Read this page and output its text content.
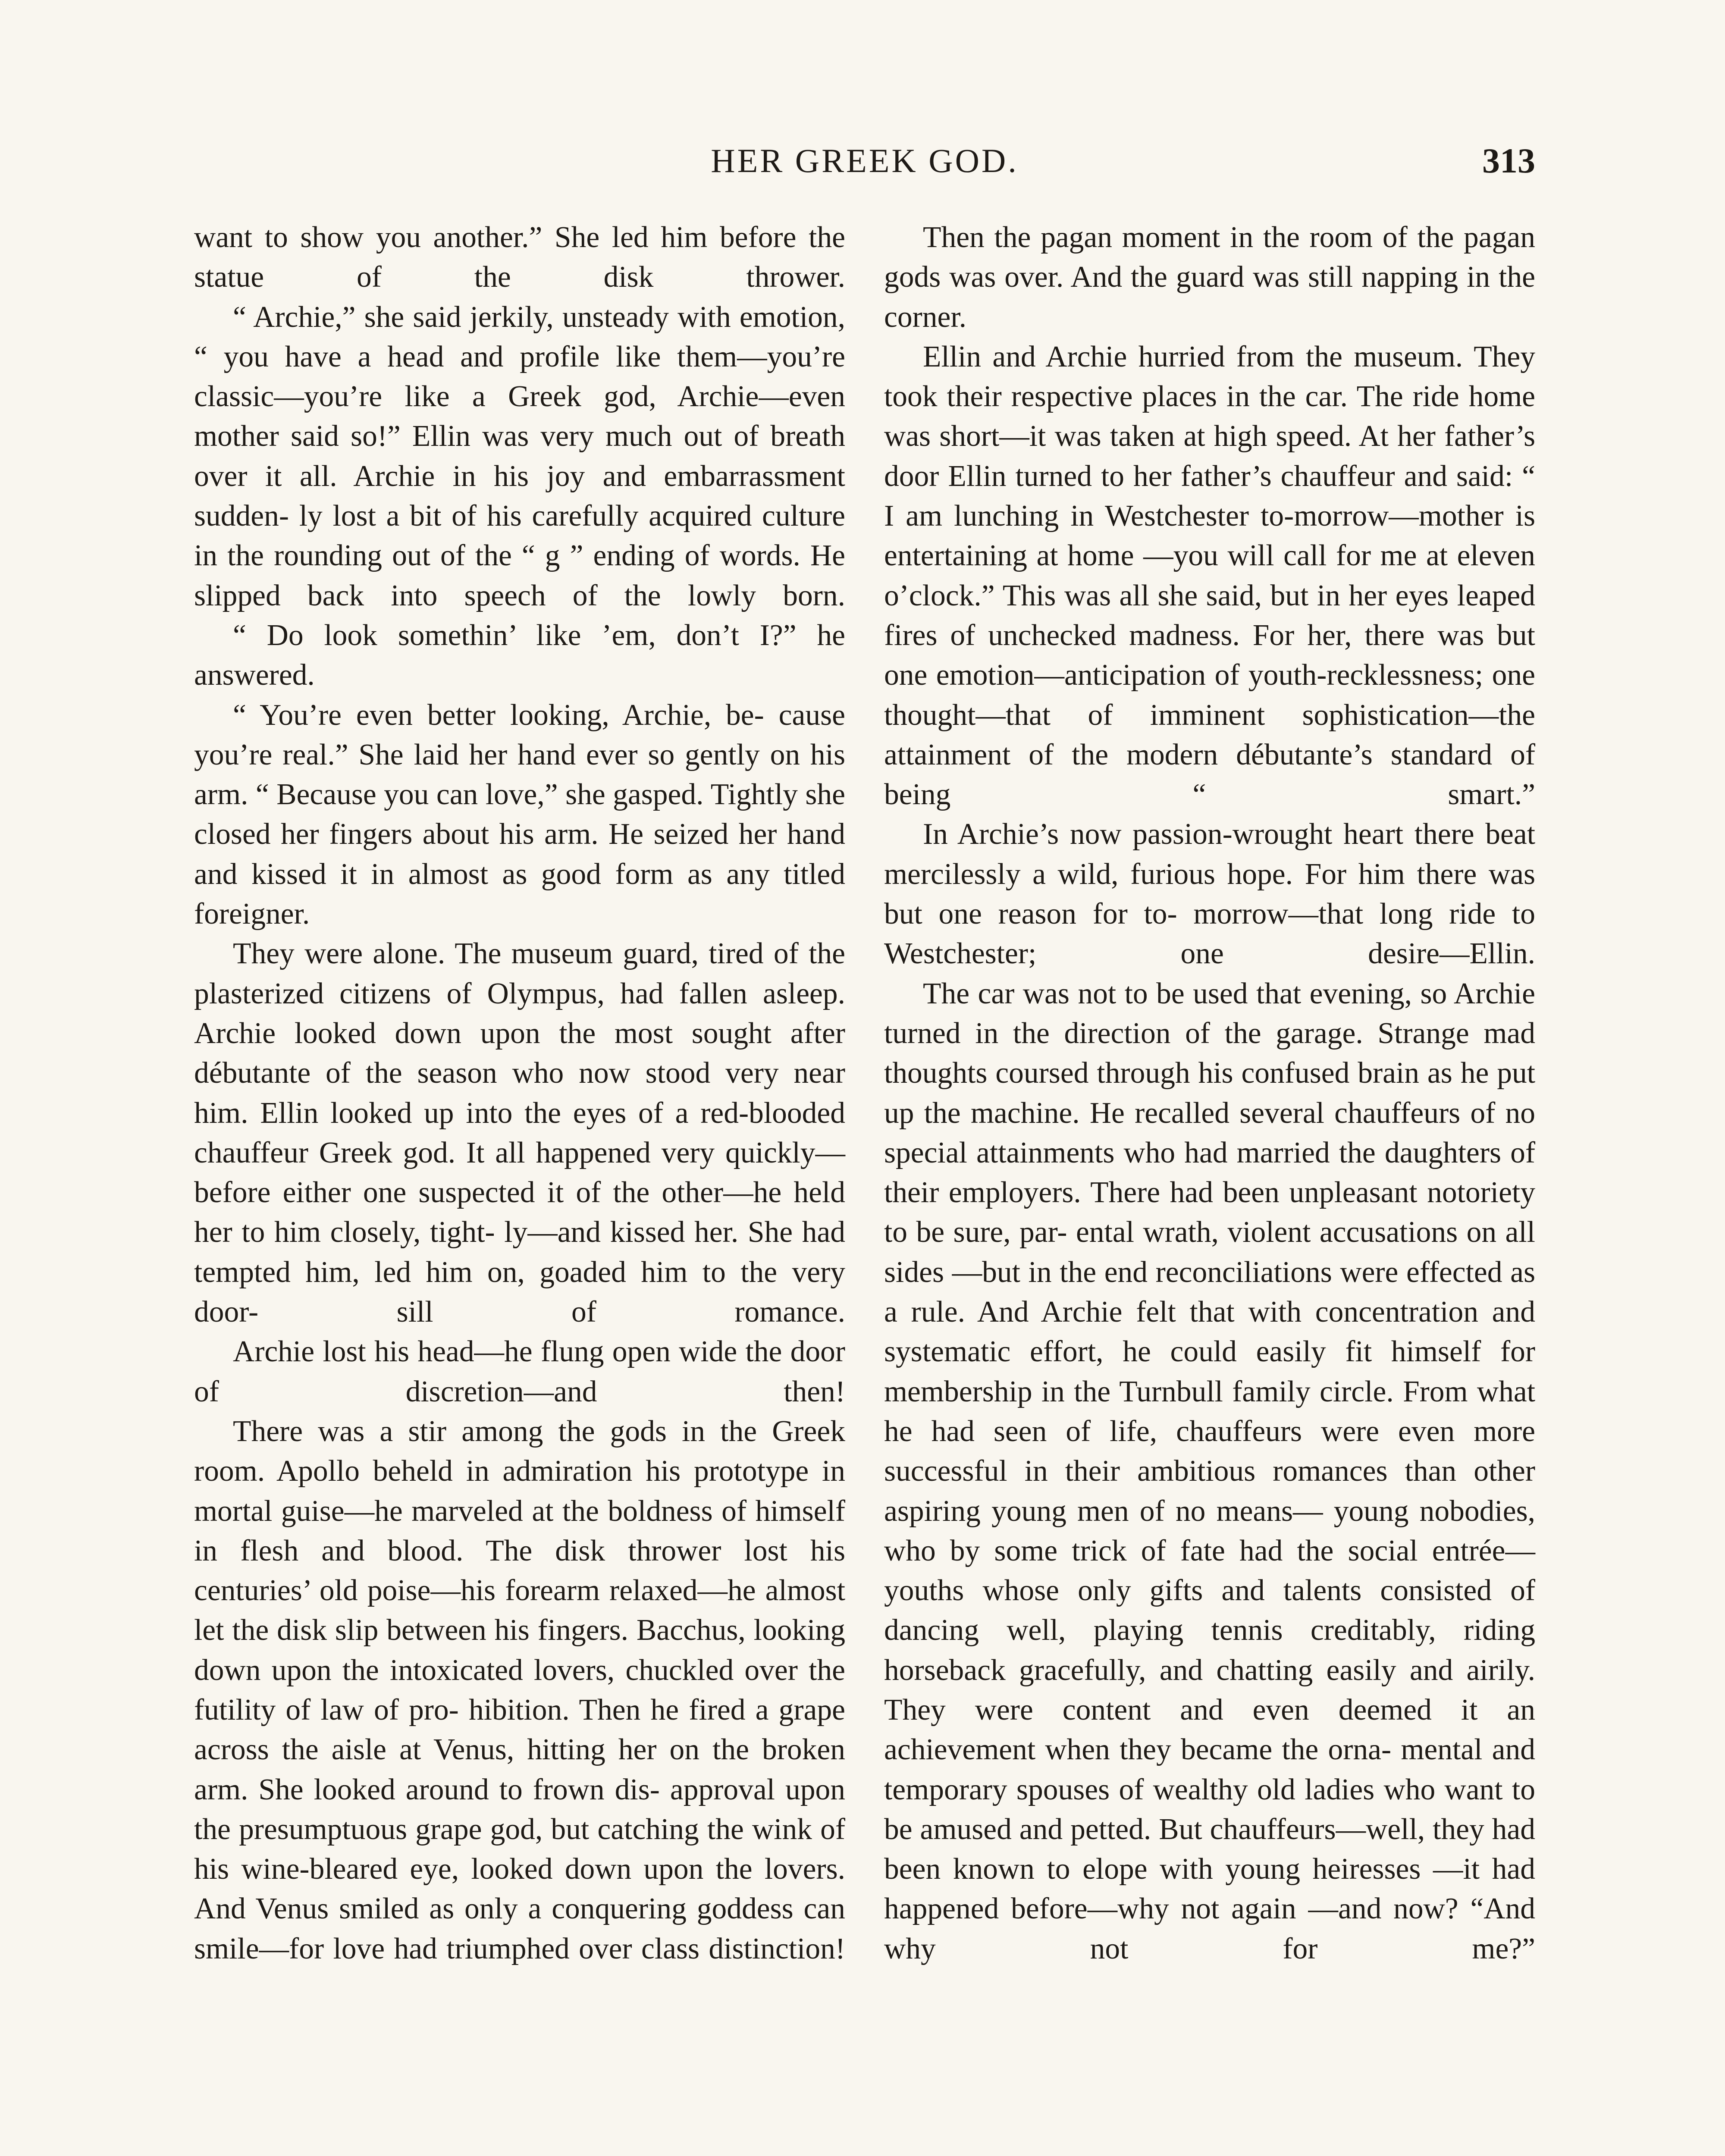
HER GREEK GOD.	313

want to show you another.” She led him before the statue of the disk thrower.

“ Archie,” she said jerkily, unsteady with emotion, “ you have a head and profile like them—you’re classic—you’re like a Greek god, Archie—even mother said so!” Ellin was very much out of breath over it all. Archie in his joy and embarrassment sudden- ly lost a bit of his carefully acquired culture in the rounding out of the “ g ” ending of words. He slipped back into speech of the lowly born.

“ Do look somethin’ like ’em, don’t I?” he answered.

“ You’re even better looking, Archie, be- cause you’re real.” She laid her hand ever so gently on his arm. “ Because you can love,” she gasped. Tightly she closed her fingers about his arm. He seized her hand and kissed it in almost as good form as any titled foreigner.

They were alone. The museum guard, tired of the plasterized citizens of Olympus, had fallen asleep. Archie looked down upon the most sought after débutante of the season who now stood very near him. Ellin looked up into the eyes of a red-blooded chauffeur Greek god. It all happened very quickly—before either one suspected it of the other—he held her to him closely, tight- ly—and kissed her. She had tempted him, led him on, goaded him to the very door-	sill of romance.

Archie lost his head—he flung open wide the door of discretion—and then!

There was a stir among the gods in the Greek room. Apollo beheld in admiration his prototype in mortal guise—he marveled at the boldness of himself in flesh and blood. The disk thrower lost his centuries’ old poise—his forearm relaxed—he almost let the disk slip between his fingers. Bacchus, looking down upon the intoxicated lovers, chuckled over the futility of law of pro- hibition. Then he fired a grape across the aisle at Venus, hitting her on the broken arm. She looked around to frown dis- approval upon the presumptuous grape god, but catching the wink of his wine-bleared eye, looked down upon the lovers. And Venus smiled as only a conquering goddess can smile—for love had triumphed over class distinction!

Then the pagan moment in the room of the pagan gods was over. And the guard was still napping in the corner.

Ellin and Archie hurried from the museum. They took their respective places in the car. The ride home was short—it was taken at high speed. At her father’s door Ellin turned to her father’s chauffeur and said: “ I am lunching in Westchester to-morrow—mother is entertaining at home —you will call for me at eleven o’clock.” This was all she said, but in her eyes leaped fires of unchecked madness. For her, there was but one emotion—anticipation of youth-recklessness; one thought—that of imminent sophistication—the attainment of the modern débutante’s standard of being	“ smart.”

In Archie’s now passion-wrought heart there beat mercilessly a wild, furious hope. For him there was but one reason for to- morrow—that long ride to Westchester; one	desire—Ellin.

The car was not to be used that evening, so Archie turned in the direction of the garage. Strange mad thoughts coursed through his confused brain as he put up the machine. He recalled several chauffeurs of no special attainments who had married the daughters of their employers. There had been unpleasant notoriety to be sure, par- ental wrath, violent accusations on all sides —but in the end reconciliations were effected as a rule. And Archie felt that with concentration and systematic effort, he could easily fit himself for membership in the Turnbull family circle. From what he had seen of life, chauffeurs were even more successful in their ambitious romances than other aspiring young men of no means— young nobodies, who by some trick of fate had the social entrée—youths whose only gifts and talents consisted of dancing well, playing tennis creditably, riding horseback gracefully, and chatting easily and airily. They were content and even deemed it an achievement when they became the orna- mental and temporary spouses of wealthy old ladies who want to be amused and petted. But chauffeurs—well, they had been known to elope with young heiresses —it had happened before—why not again —and now? “And why not for me?”
